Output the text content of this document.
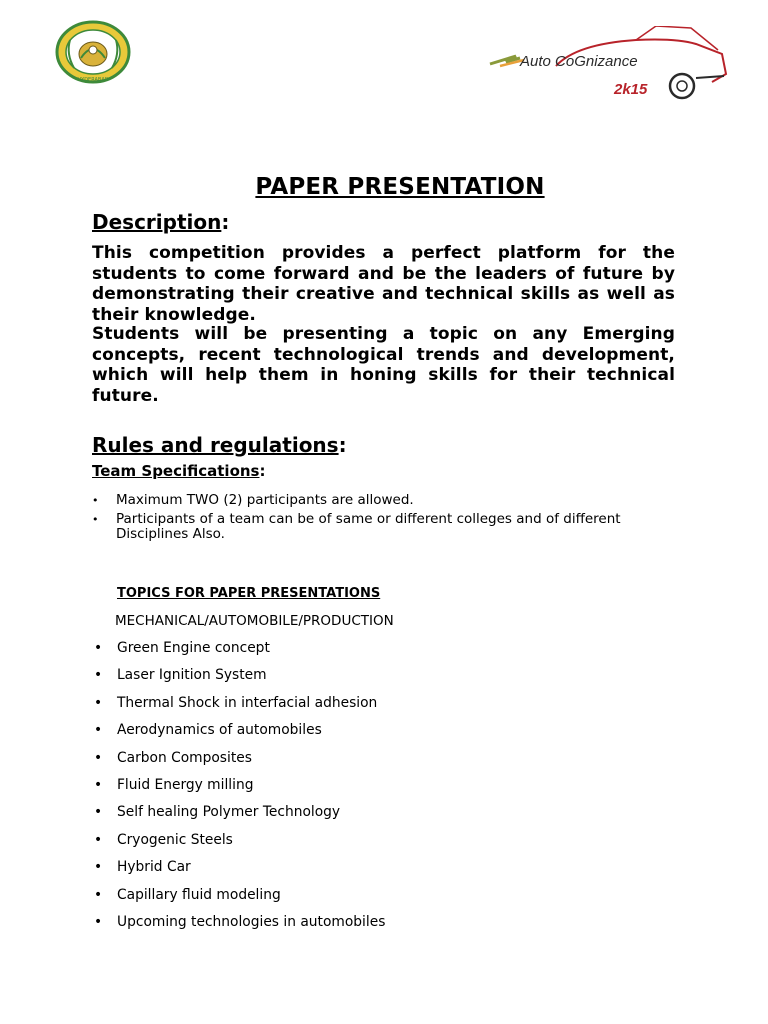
HYDERABAD
Auto CoGnizance
2k15
PAPER PRESENTATION
Description:
This competition provides a perfect platform for the students to come forward and be the leaders of future by demonstrating their creative and technical skills as well as their knowledge.
Students will be presenting a topic on any Emerging concepts, recent technological trends and development, which will help them in honing skills for their technical future.
Rules and regulations:
Team Specifications:
• Maximum TWO (2) participants are allowed.
• Participants of a team can be of same or different colleges and of different Disciplines Also.
TOPICS FOR PAPER PRESENTATIONS
MECHANICAL/AUTOMOBILE/PRODUCTION
• Green Engine concept
• Laser Ignition System
• Thermal Shock in interfacial adhesion
• Aerodynamics of automobiles
• Carbon Composites
• Fluid Energy milling
• Self healing Polymer Technology
• Cryogenic Steels
• Hybrid Car
• Capillary fluid modeling
• Upcoming technologies in automobiles
